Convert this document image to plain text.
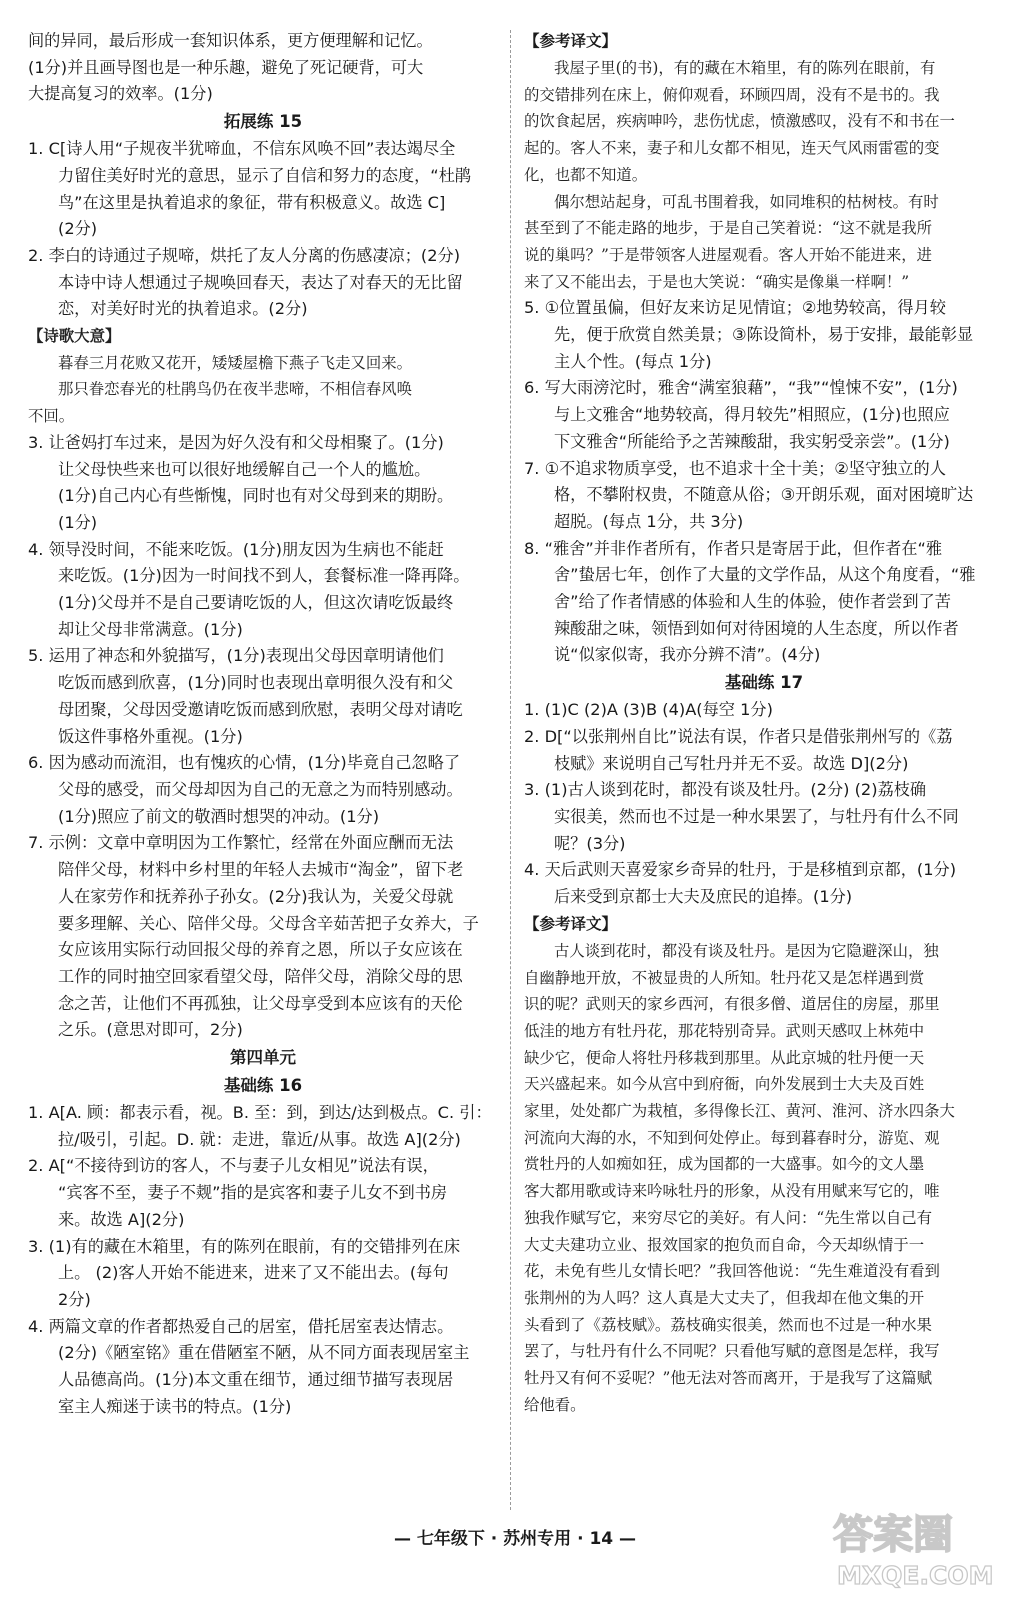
间的异同，最后形成一套知识体系，更方便理解和记忆。

(1分)并且画导图也是一种乐趣，避免了死记硬背，可大

大提高复习的效率。(1分)

拓展练 15

1. C[诗人用“子规夜半犹啼血，不信东风唤不回”表达竭尽全

力留住美好时光的意思，显示了自信和努力的态度，“杜鹃

鸟”在这里是执着追求的象征，带有积极意义。故选 C]

(2分)

2. 李白的诗通过子规啼，烘托了友人分离的伤感凄凉；(2分)

本诗中诗人想通过子规唤回春天，表达了对春天的无比留

恋，对美好时光的执着追求。(2分)

【诗歌大意】

暮春三月花败又花开，矮矮屋檐下燕子飞走又回来。

那只眷恋春光的杜鹃鸟仍在夜半悲啼，不相信春风唤

不回。

3. 让爸妈打车过来，是因为好久没有和父母相聚了。(1分)

让父母快些来也可以很好地缓解自己一个人的尴尬。

(1分)自己内心有些惭愧，同时也有对父母到来的期盼。

(1分)

4. 领导没时间，不能来吃饭。(1分)朋友因为生病也不能赶

来吃饭。(1分)因为一时间找不到人，套餐标准一降再降。

(1分)父母并不是自己要请吃饭的人，但这次请吃饭最终

却让父母非常满意。(1分)

5. 运用了神态和外貌描写，(1分)表现出父母因章明请他们

吃饭而感到欣喜，(1分)同时也表现出章明很久没有和父

母团聚，父母因受邀请吃饭而感到欣慰，表明父母对请吃

饭这件事格外重视。(1分)

6. 因为感动而流泪，也有愧疚的心情，(1分)毕竟自己忽略了

父母的感受，而父母却因为自己的无意之为而特别感动。

(1分)照应了前文的敬酒时想哭的冲动。(1分)

7. 示例：文章中章明因为工作繁忙，经常在外面应酬而无法

陪伴父母，材料中乡村里的年轻人去城市“淘金”，留下老

人在家劳作和抚养孙子孙女。(2分)我认为，关爱父母就

要多理解、关心、陪伴父母。父母含辛茹苦把子女养大，子

女应该用实际行动回报父母的养育之恩，所以子女应该在

工作的同时抽空回家看望父母，陪伴父母，消除父母的思

念之苦，让他们不再孤独，让父母享受到本应该有的天伦

之乐。(意思对即可，2分)

第四单元

基础练 16

1. A[A. 顾：都表示看，视。B. 至：到，到达/达到极点。C. 引：

拉/吸引，引起。D. 就：走进，靠近/从事。故选 A](2分)

2. A[“不接待到访的客人，不与妻子儿女相见”说法有误，

“宾客不至，妻子不觌”指的是宾客和妻子儿女不到书房

来。故选 A](2分)

3. (1)有的藏在木箱里，有的陈列在眼前，有的交错排列在床

上。 (2)客人开始不能进来，进来了又不能出去。(每句

2分)

4. 两篇文章的作者都热爱自己的居室，借托居室表达情志。

(2分)《陋室铭》重在借陋室不陋，从不同方面表现居室主

人品德高尚。(1分)本文重在细节，通过细节描写表现居

室主人痴迷于读书的特点。(1分)

【参考译文】

我屋子里(的书)，有的藏在木箱里，有的陈列在眼前，有

的交错排列在床上，俯仰观看，环顾四周，没有不是书的。我

的饮食起居，疾病呻吟，悲伤忧虑，愤激感叹，没有不和书在一

起的。客人不来，妻子和儿女都不相见，连天气风雨雷雹的变

化，也都不知道。

偶尔想站起身，可乱书围着我，如同堆积的枯树枝。有时

甚至到了不能走路的地步，于是自己笑着说：“这不就是我所

说的巢吗？”于是带领客人进屋观看。客人开始不能进来，进

来了又不能出去，于是也大笑说：“确实是像巢一样啊！”

5. ①位置虽偏，但好友来访足见情谊；②地势较高，得月较

先，便于欣赏自然美景；③陈设简朴，易于安排，最能彰显

主人个性。(每点 1分)

6. 写大雨滂沱时，雅舍“满室狼藉”，“我”“惶悚不安”，(1分)

与上文雅舍“地势较高，得月较先”相照应，(1分)也照应

下文雅舍“所能给予之苦辣酸甜，我实躬受亲尝”。(1分)

7. ①不追求物质享受，也不追求十全十美；②坚守独立的人

格，不攀附权贵，不随意从俗；③开朗乐观，面对困境旷达

超脱。(每点 1分，共 3分)

8. “雅舍”并非作者所有，作者只是寄居于此，但作者在“雅

舍”蛰居七年，创作了大量的文学作品，从这个角度看，“雅

舍”给了作者情感的体验和人生的体验，使作者尝到了苦

辣酸甜之味，领悟到如何对待困境的人生态度，所以作者

说“似家似寄，我亦分辨不清”。(4分)

基础练 17

1. (1)C (2)A (3)B (4)A(每空 1分)

2. D[“以张荆州自比”说法有误，作者只是借张荆州写的《荔

枝赋》来说明自己写牡丹并无不妥。故选 D](2分)

3. (1)古人谈到花时，都没有谈及牡丹。(2分) (2)荔枝确

实很美，然而也不过是一种水果罢了，与牡丹有什么不同

呢？(3分)

4. 天后武则天喜爱家乡奇异的牡丹，于是移植到京都，(1分)

后来受到京都士大夫及庶民的追捧。(1分)

【参考译文】

古人谈到花时，都没有谈及牡丹。是因为它隐避深山，独

自幽静地开放，不被显贵的人所知。牡丹花又是怎样遇到赏

识的呢？武则天的家乡西河，有很多僧、道居住的房屋，那里

低洼的地方有牡丹花，那花特别奇异。武则天感叹上林苑中

缺少它，便命人将牡丹移栽到那里。从此京城的牡丹便一天

天兴盛起来。如今从宫中到府衙，向外发展到士大夫及百姓

家里，处处都广为栽植，多得像长江、黄河、淮河、济水四条大

河流向大海的水，不知到何处停止。每到暮春时分，游览、观

赏牡丹的人如痴如狂，成为国都的一大盛事。如今的文人墨

客大都用歌或诗来吟咏牡丹的形象，从没有用赋来写它的，唯

独我作赋写它，来穷尽它的美好。有人问：“先生常以自己有

大丈夫建功立业、报效国家的抱负而自命，今天却纵情于一

花，未免有些儿女情长吧？”我回答他说：“先生难道没有看到

张荆州的为人吗？这人真是大丈夫了，但我却在他文集的开

头看到了《荔枝赋》。荔枝确实很美，然而也不过是一种水果

罢了，与牡丹有什么不同呢？只看他写赋的意图是怎样，我写

牡丹又有何不妥呢？”他无法对答而离开，于是我写了这篇赋

给他看。

— 七年级下 · 苏州专用 · 14 —	答案圈
MXQE.COM
